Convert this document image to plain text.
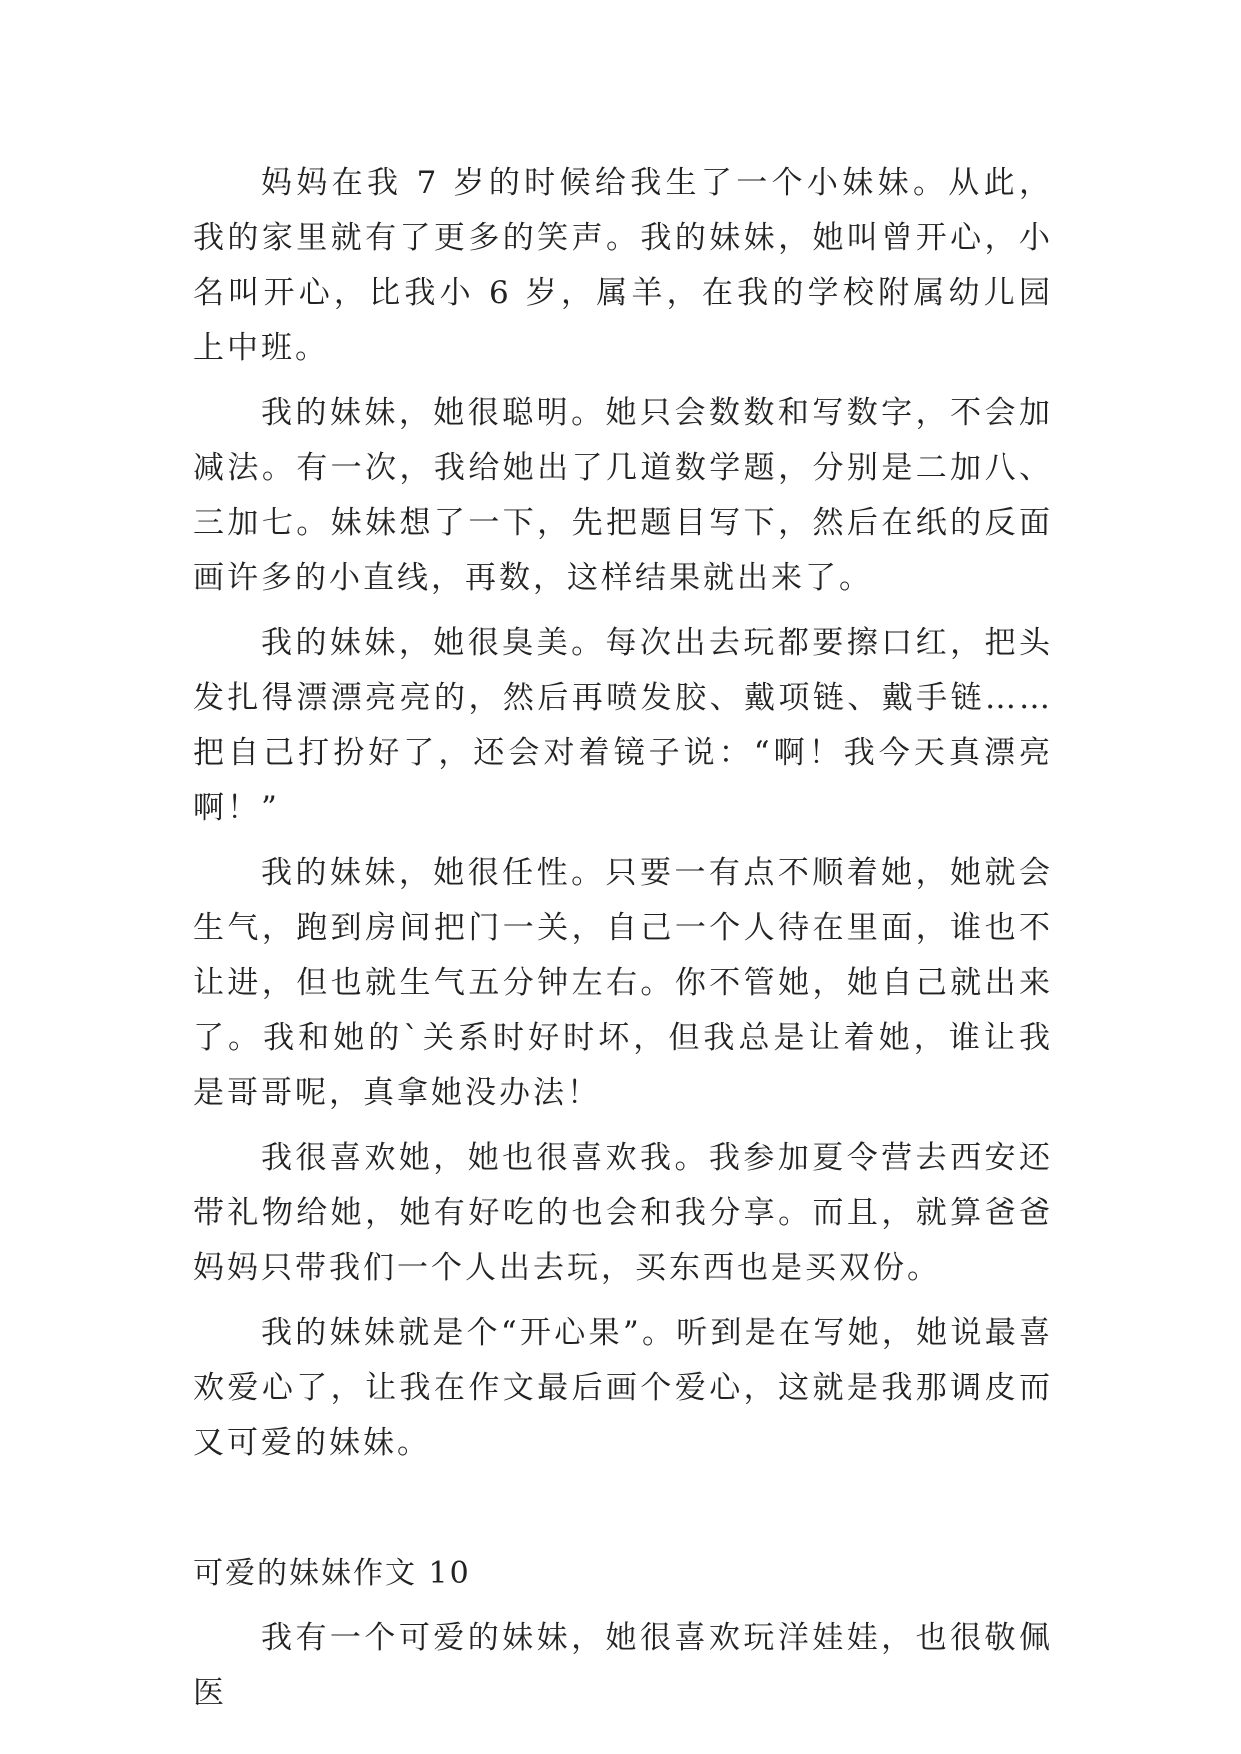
妈妈在我 7 岁的时候给我生了一个小妹妹。从此，我的家里就有了更多的笑声。我的妹妹，她叫曾开心，小名叫开心，比我小 6 岁，属羊，在我的学校附属幼儿园上中班。

我的妹妹，她很聪明。她只会数数和写数字，不会加减法。有一次，我给她出了几道数学题，分别是二加八、三加七。妹妹想了一下，先把题目写下，然后在纸的反面画许多的小直线，再数，这样结果就出来了。

我的妹妹，她很臭美。每次出去玩都要擦口红，把头发扎得漂漂亮亮的，然后再喷发胶、戴项链、戴手链……把自己打扮好了，还会对着镜子说：“啊！我今天真漂亮啊！”

我的妹妹，她很任性。只要一有点不顺着她，她就会生气，跑到房间把门一关，自己一个人待在里面，谁也不让进，但也就生气五分钟左右。你不管她，她自己就出来了。我和她的`关系时好时坏，但我总是让着她，谁让我是哥哥呢，真拿她没办法！

我很喜欢她，她也很喜欢我。我参加夏令营去西安还带礼物给她，她有好吃的也会和我分享。而且，就算爸爸妈妈只带我们一个人出去玩，买东西也是买双份。

我的妹妹就是个“开心果”。听到是在写她，她说最喜欢爱心了，让我在作文最后画个爱心，这就是我那调皮而又可爱的妹妹。

可爱的妹妹作文 10

我有一个可爱的妹妹，她很喜欢玩洋娃娃，也很敬佩医
